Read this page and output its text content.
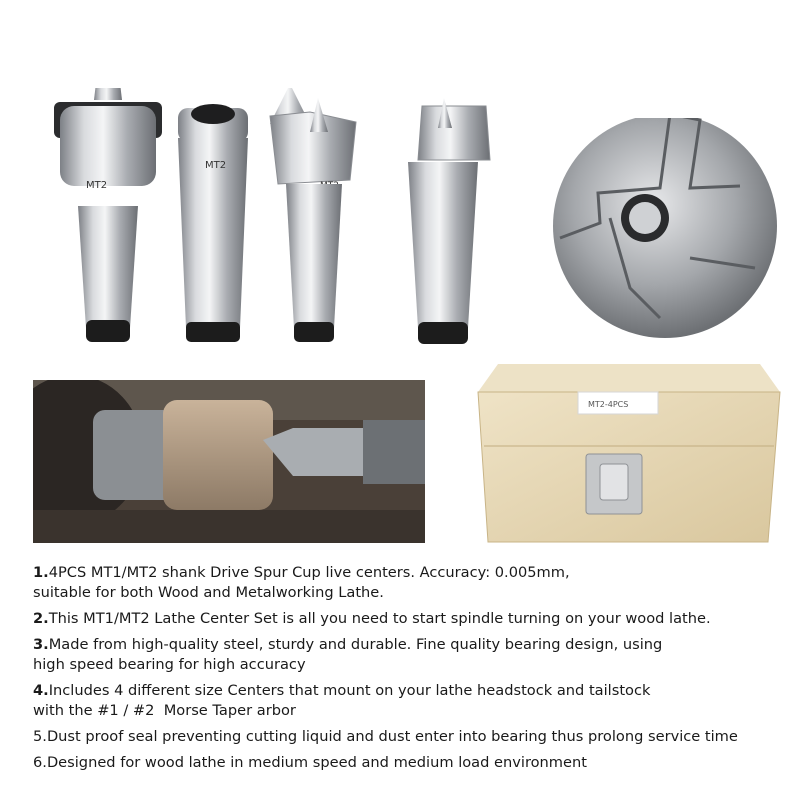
MT2
MT2
MT2-4PCS
1.4PCS MT1/MT2 shank Drive Spur Cup live centers. Accuracy: 0.005mm,
suitable for both Wood and Metalworking Lathe.
2.This MT1/MT2 Lathe Center Set is all you need to start spindle turning on your wood lathe.
3.Made from high-quality steel, sturdy and durable. Fine quality bearing design, using
high speed bearing for high accuracy
4.Includes 4 different size Centers that mount on your lathe headstock and tailstock
with the #1 / #2  Morse Taper arbor
5.Dust proof seal preventing cutting liquid and dust enter into bearing thus prolong service time
6.Designed for wood lathe in medium speed and medium load environment
